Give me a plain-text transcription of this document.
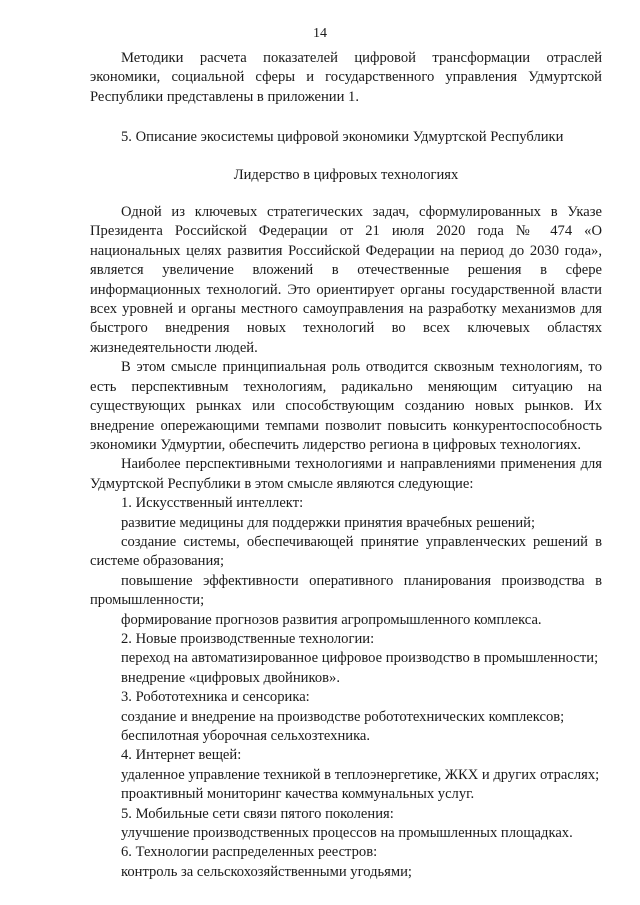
14

Методики расчета показателей цифровой трансформации отраслей экономики, социальной сферы и государственного управления Удмуртской Республики представлены в приложении 1.

5. Описание экосистемы цифровой экономики Удмуртской Республики

Лидерство в цифровых технологиях

Одной из ключевых стратегических задач, сформулированных в Указе Президента Российской Федерации от 21 июля 2020 года № 474 «О национальных целях развития Российской Федерации на период до 2030 года», является увеличение вложений в отечественные решения в сфере информационных технологий. Это ориентирует органы государственной власти всех уровней и органы местного самоуправления на разработку механизмов для быстрого внедрения новых технологий во всех ключевых областях жизнедеятельности людей.

В этом смысле принципиальная роль отводится сквозным технологиям, то есть перспективным технологиям, радикально меняющим ситуацию на существующих рынках или способствующим созданию новых рынков. Их внедрение опережающими темпами позволит повысить конкурентоспособность экономики Удмуртии, обеспечить лидерство региона в цифровых технологиях.

Наиболее перспективными технологиями и направлениями применения для Удмуртской Республики в этом смысле являются следующие:

1. Искусственный интеллект:

развитие медицины для поддержки принятия врачебных решений;

создание системы, обеспечивающей принятие управленческих решений в системе образования;

повышение эффективности оперативного планирования производства в промышленности;

формирование прогнозов развития агропромышленного комплекса.

2. Новые производственные технологии:

переход на автоматизированное цифровое производство в промышленности;

внедрение «цифровых двойников».

3. Робототехника и сенсорика:

создание и внедрение на производстве робототехнических комплексов;

беспилотная уборочная сельхозтехника.

4. Интернет вещей:

удаленное управление техникой в теплоэнергетике, ЖКХ и других отраслях;

проактивный мониторинг качества коммунальных услуг.

5. Мобильные сети связи пятого поколения:

улучшение производственных процессов на промышленных площадках.

6. Технологии распределенных реестров:

контроль за сельскохозяйственными угодьями;
